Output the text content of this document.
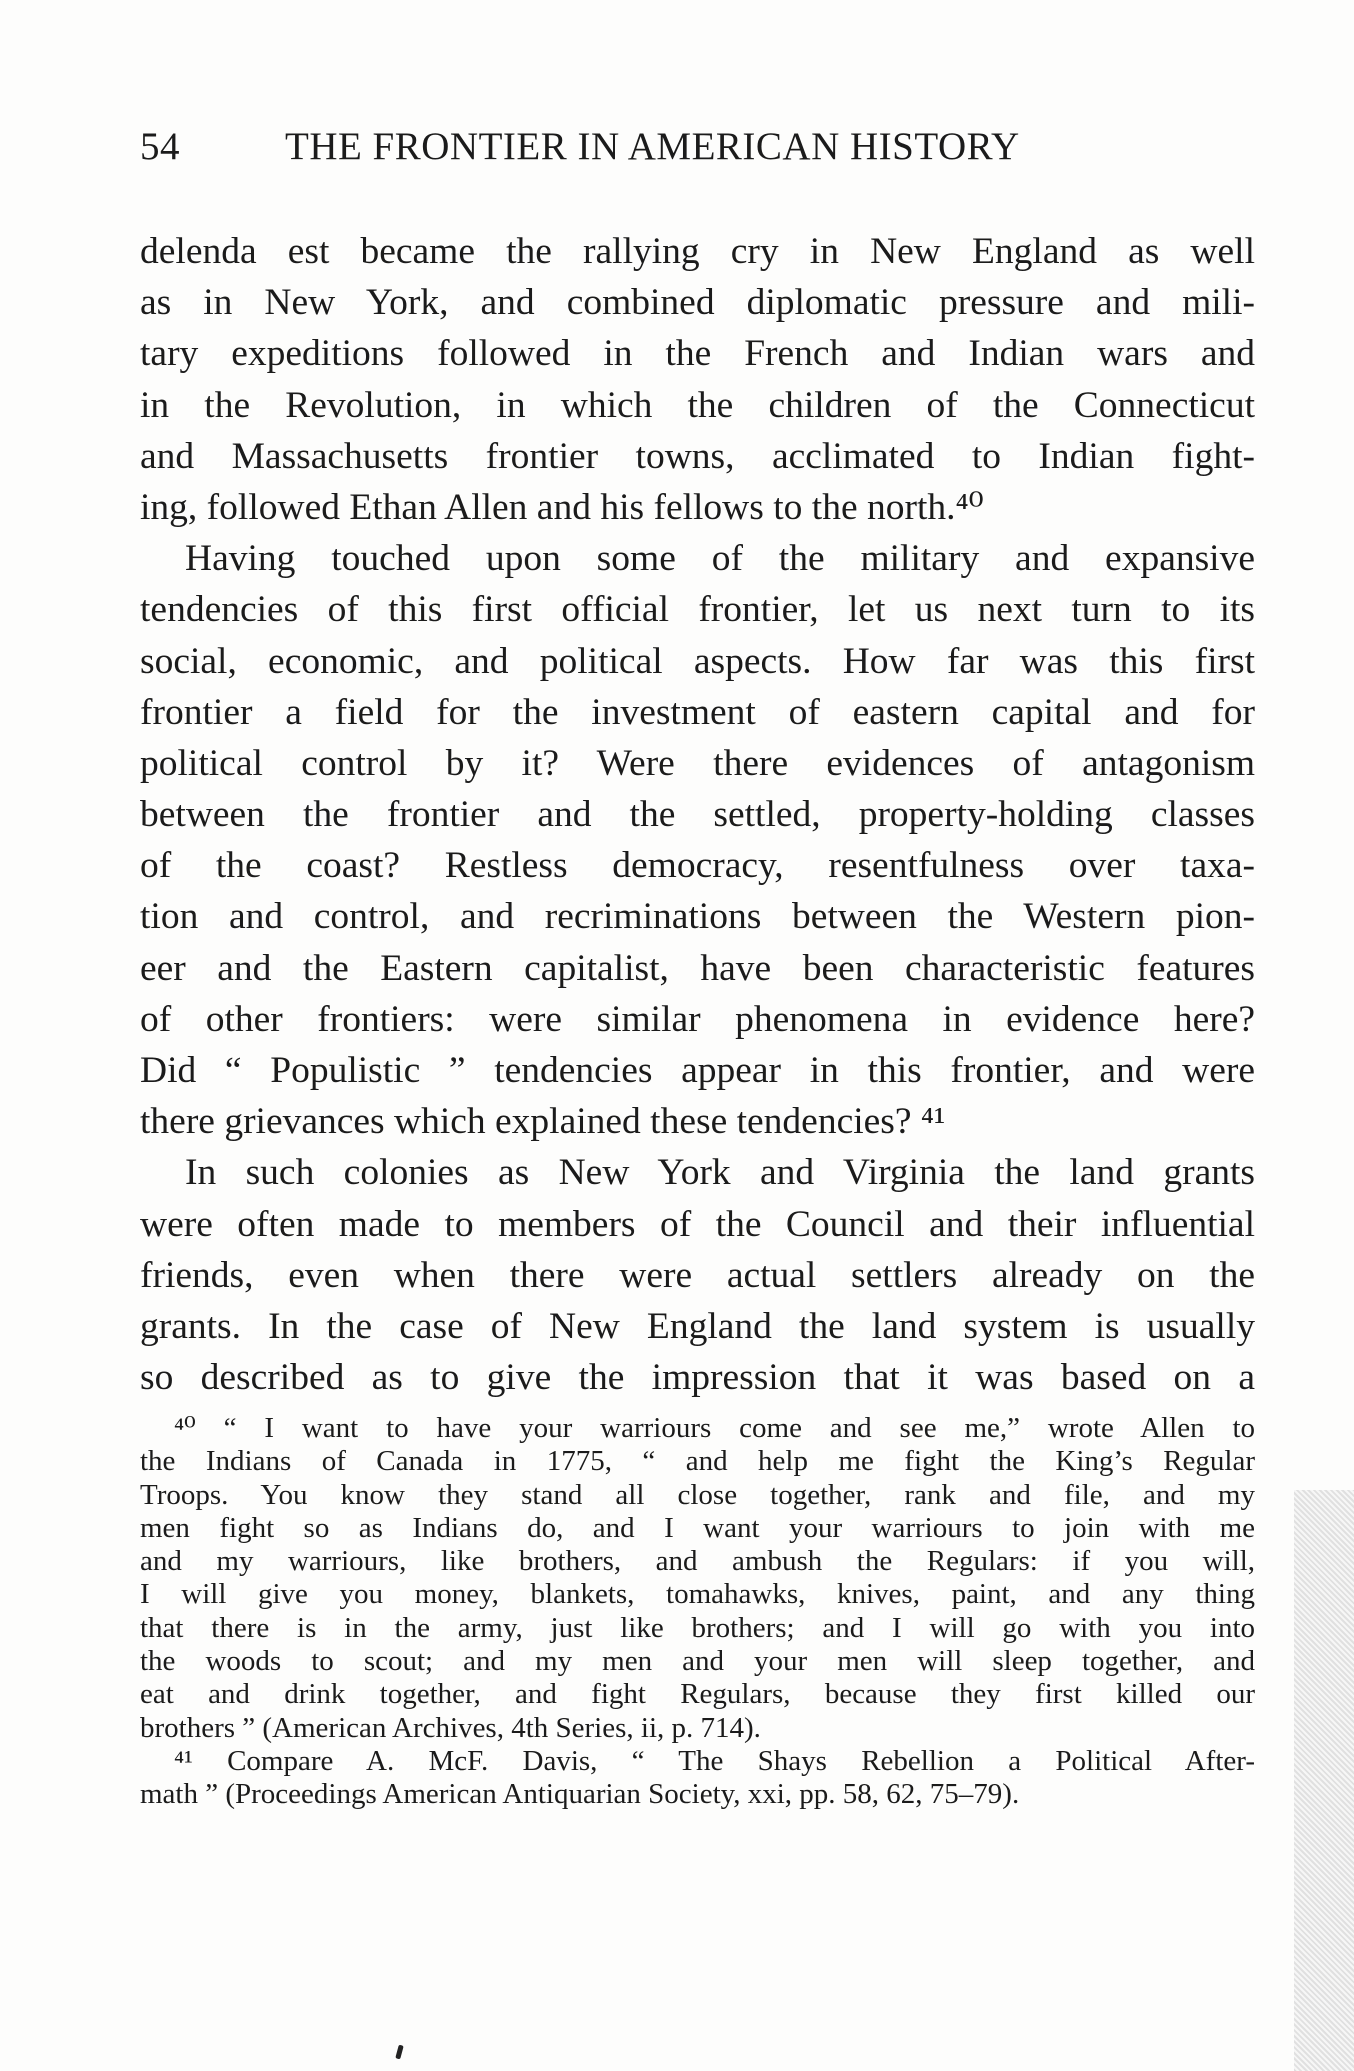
54	THE FRONTIER IN AMERICAN HISTORY
delenda est became the rallying cry in New England as well
as in New York, and combined diplomatic pressure and mili-
tary expeditions followed in the French and Indian wars and
in the Revolution, in which the children of the Connecticut
and Massachusetts frontier towns, acclimated to Indian fight-
ing, followed Ethan Allen and his fellows to the north.⁴⁰
Having touched upon some of the military and expansive
tendencies of this first official frontier, let us next turn to its
social, economic, and political aspects. How far was this first
frontier a field for the investment of eastern capital and for
political control by it? Were there evidences of antagonism
between the frontier and the settled, property-holding classes
of the coast? Restless democracy, resentfulness over taxa-
tion and control, and recriminations between the Western pion-
eer and the Eastern capitalist, have been characteristic features
of other frontiers: were similar phenomena in evidence here?
Did “ Populistic ” tendencies appear in this frontier, and were
there grievances which explained these tendencies? ⁴¹
In such colonies as New York and Virginia the land grants
were often made to members of the Council and their influential
friends, even when there were actual settlers already on the
grants. In the case of New England the land system is usually
so described as to give the impression that it was based on a
⁴⁰ “ I want to have your warriours come and see me,” wrote Allen to
the Indians of Canada in 1775, “ and help me fight the King’s Regular
Troops. You know they stand all close together, rank and file, and my
men fight so as Indians do, and I want your warriours to join with me
and my warriours, like brothers, and ambush the Regulars: if you will,
I will give you money, blankets, tomahawks, knives, paint, and any thing
that there is in the army, just like brothers; and I will go with you into
the woods to scout; and my men and your men will sleep together, and
eat and drink together, and fight Regulars, because they first killed our
brothers ” (American Archives, 4th Series, ii, p. 714).
⁴¹ Compare A. McF. Davis, “ The Shays Rebellion a Political After-
math ” (Proceedings American Antiquarian Society, xxi, pp. 58, 62, 75–79).
